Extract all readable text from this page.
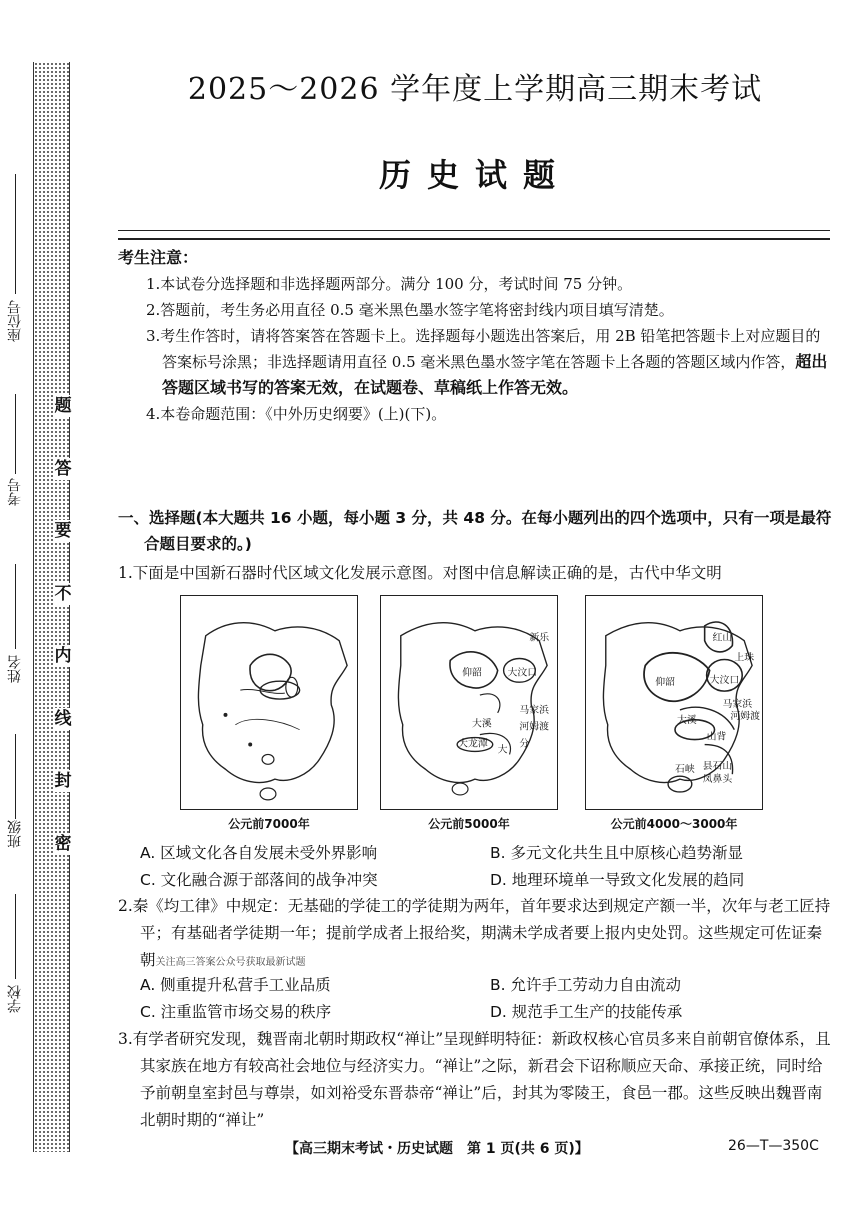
题
答
要
不
内
线
封
密
座位号
考号
姓名
班级
学校
2025～2026 学年度上学期高三期末考试
历史试题
考生注意：
1.本试卷分选择题和非选择题两部分。满分 100 分，考试时间 75 分钟。
2.答题前，考生务必用直径 0.5 毫米黑色墨水签字笔将密封线内项目填写清楚。
3.考生作答时，请将答案答在答题卡上。选择题每小题选出答案后，用 2B 铅笔把答题卡上对应题目的答案标号涂黑；非选择题请用直径 0.5 毫米黑色墨水签字笔在答题卡上各题的答题区域内作答，超出答题区域书写的答案无效，在试题卷、草稿纸上作答无效。
4.本卷命题范围：《中外历史纲要》(上)(下)。
一、选择题(本大题共 16 小题，每小题 3 分，共 48 分。在每小题列出的四个选项中，只有一项是最符合题目要求的。)
1.下面是中国新石器时代区域文化发展示意图。对图中信息解读正确的是，古代中华文明
公元前7000年
新乐
仰韶	大汶口
马家浜
河姆渡
大溪
大龙潭
大
分
公元前5000年
红山
上珠
大汶口
仰韶
马家浜
大溪	河姆渡
山背
石峡 县石山
凤鼻头
公元前4000～3000年
A. 区域文化各自发展未受外界影响	B. 多元文化共生且中原核心趋势渐显
C. 文化融合源于部落间的战争冲突	D. 地理环境单一导致文化发展的趋同
2.秦《均工律》中规定：无基础的学徒工的学徒期为两年，首年要求达到规定产额一半，次年与老工匠持平；有基础者学徒期一年；提前学成者上报给奖，期满未学成者要上报内史处罚。这些规定可佐证秦朝关注高三答案公众号获取最新试题
A. 侧重提升私营手工业品质	B. 允许手工劳动力自由流动
C. 注重监管市场交易的秩序	D. 规范手工生产的技能传承
3.有学者研究发现，魏晋南北朝时期政权“禅让”呈现鲜明特征：新政权核心官员多来自前朝官僚体系，且其家族在地方有较高社会地位与经济实力。“禅让”之际，新君会下诏称顺应天命、承接正统，同时给予前朝皇室封邑与尊崇，如刘裕受东晋恭帝“禅让”后，封其为零陵王，食邑一郡。这些反映出魏晋南北朝时期的“禅让”
【高三期末考试・历史试题　第 1 页(共 6 页)】	26—T—350C
